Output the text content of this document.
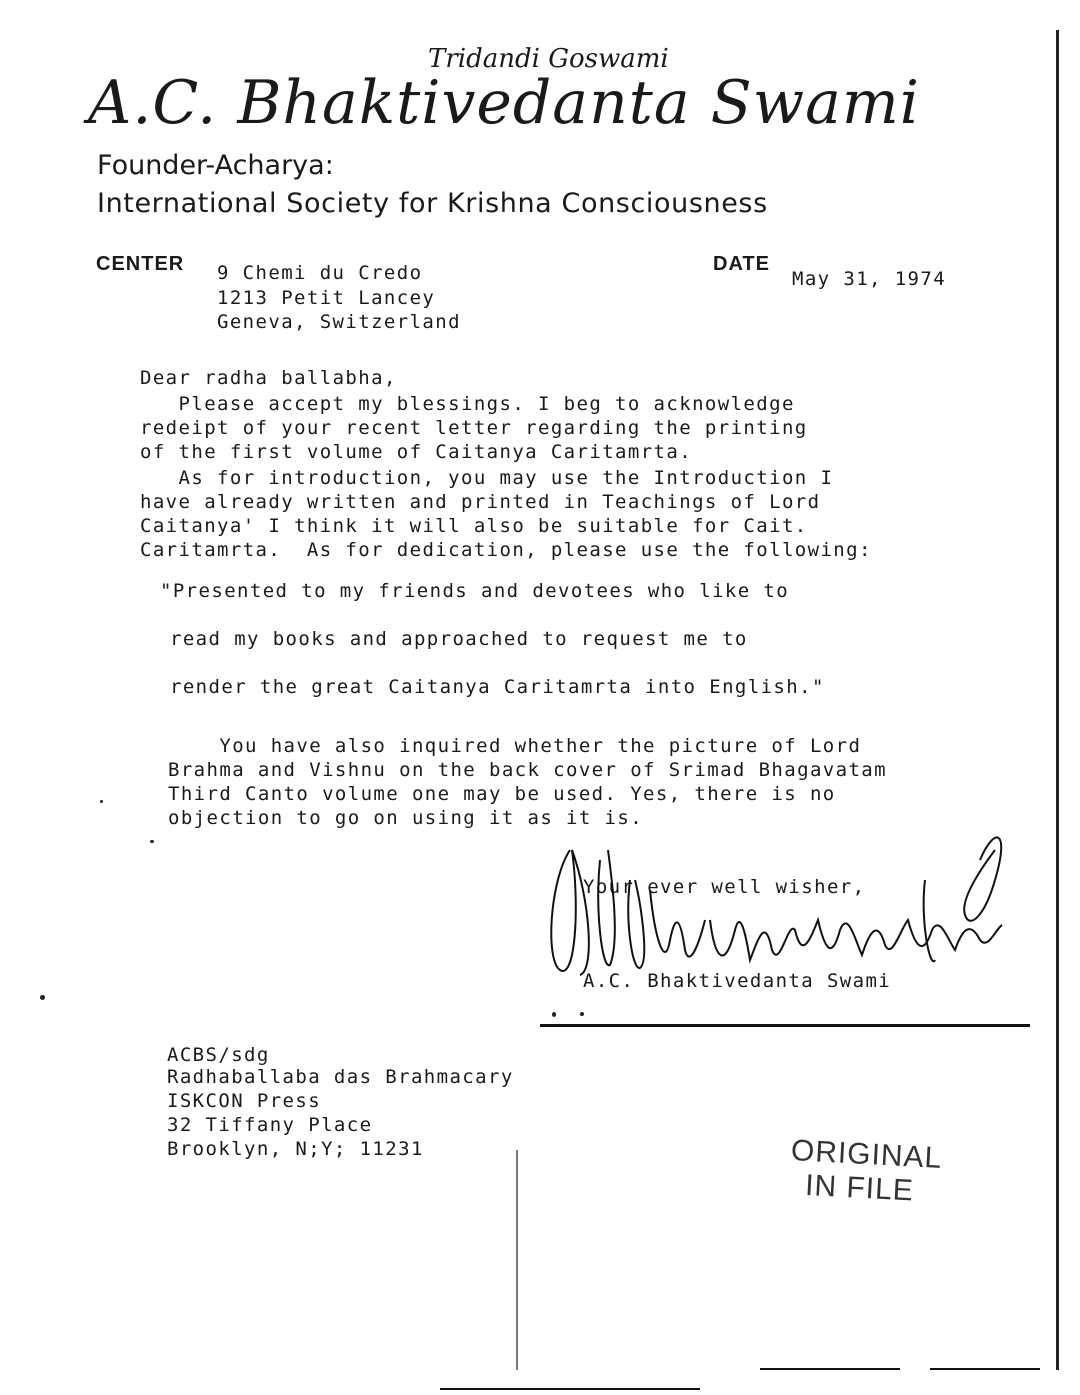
Tridandi Goswami
A.C. Bhaktivedanta Swami
Founder-Acharya:
International Society for Krishna Consciousness
CENTER 9 Chemi du Credo
1213 Petit Lancey
Geneva, Switzerland
DATE
May 31, 1974
Dear radha ballabha,
Please accept my blessings. I beg to acknowledge
redeipt of your recent letter regarding the printing
of the first volume of Caitanya Caritamrta.
As for introduction, you may use the Introduction I
have already written and printed in Teachings of Lord
Caitanya' I think it will also be suitable for Cait.
Caritamrta.  As for dedication, please use the following:
"Presented to my friends and devotees who like to
read my books and approached to request me to
render the great Caitanya Caritamrta into English."
You have also inquired whether the picture of Lord
Brahma and Vishnu on the back cover of Srimad Bhagavatam
Third Canto volume one may be used. Yes, there is no
objection to go on using it as it is.
Your ever well wisher,
A.C. Bhaktivedanta Swami
ACBS/sdg
Radhaballaba das Brahmacary
ISKCON Press
32 Tiffany Place
Brooklyn, N;Y; 11231	ORIGINAL
IN FILE
